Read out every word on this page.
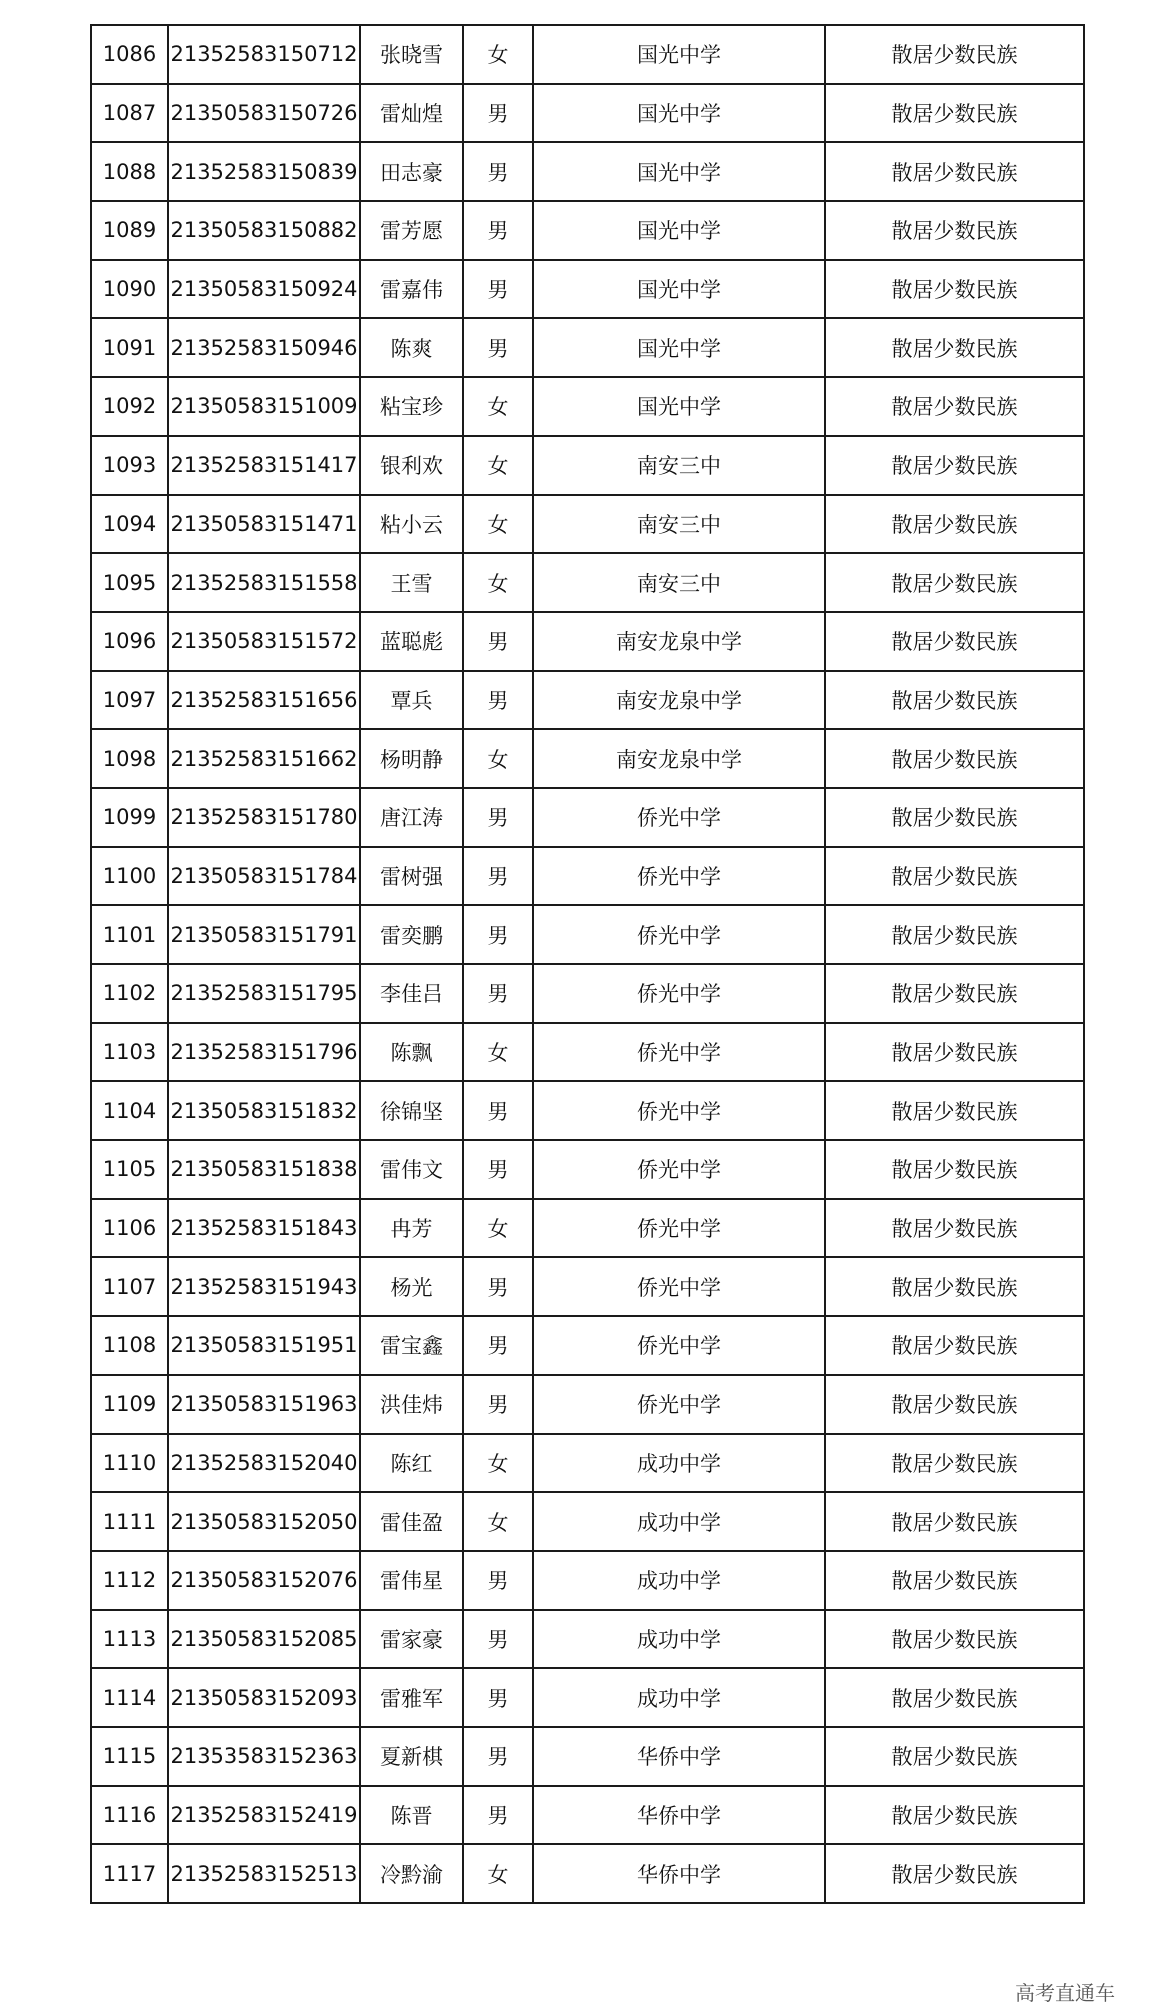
1086	21352583150712	张晓雪	女	国光中学	散居少数民族
1087	21350583150726	雷灿煌	男	国光中学	散居少数民族
1088	21352583150839	田志豪	男	国光中学	散居少数民族
1089	21350583150882	雷芳愿	男	国光中学	散居少数民族
1090	21350583150924	雷嘉伟	男	国光中学	散居少数民族
1091	21352583150946	陈爽	男	国光中学	散居少数民族
1092	21350583151009	粘宝珍	女	国光中学	散居少数民族
1093	21352583151417	银利欢	女	南安三中	散居少数民族
1094	21350583151471	粘小云	女	南安三中	散居少数民族
1095	21352583151558	王雪	女	南安三中	散居少数民族
1096	21350583151572	蓝聪彪	男	南安龙泉中学	散居少数民族
1097	21352583151656	覃兵	男	南安龙泉中学	散居少数民族
1098	21352583151662	杨明静	女	南安龙泉中学	散居少数民族
1099	21352583151780	唐江涛	男	侨光中学	散居少数民族
1100	21350583151784	雷树强	男	侨光中学	散居少数民族
1101	21350583151791	雷奕鹏	男	侨光中学	散居少数民族
1102	21352583151795	李佳吕	男	侨光中学	散居少数民族
1103	21352583151796	陈飘	女	侨光中学	散居少数民族
1104	21350583151832	徐锦坚	男	侨光中学	散居少数民族
1105	21350583151838	雷伟文	男	侨光中学	散居少数民族
1106	21352583151843	冉芳	女	侨光中学	散居少数民族
1107	21352583151943	杨光	男	侨光中学	散居少数民族
1108	21350583151951	雷宝鑫	男	侨光中学	散居少数民族
1109	21350583151963	洪佳炜	男	侨光中学	散居少数民族
1110	21352583152040	陈红	女	成功中学	散居少数民族
1111	21350583152050	雷佳盈	女	成功中学	散居少数民族
1112	21350583152076	雷伟星	男	成功中学	散居少数民族
1113	21350583152085	雷家豪	男	成功中学	散居少数民族
1114	21350583152093	雷雅军	男	成功中学	散居少数民族
1115	21353583152363	夏新棋	男	华侨中学	散居少数民族
1116	21352583152419	陈晋	男	华侨中学	散居少数民族
1117	21352583152513	冷黔渝	女	华侨中学	散居少数民族
高考直通车
